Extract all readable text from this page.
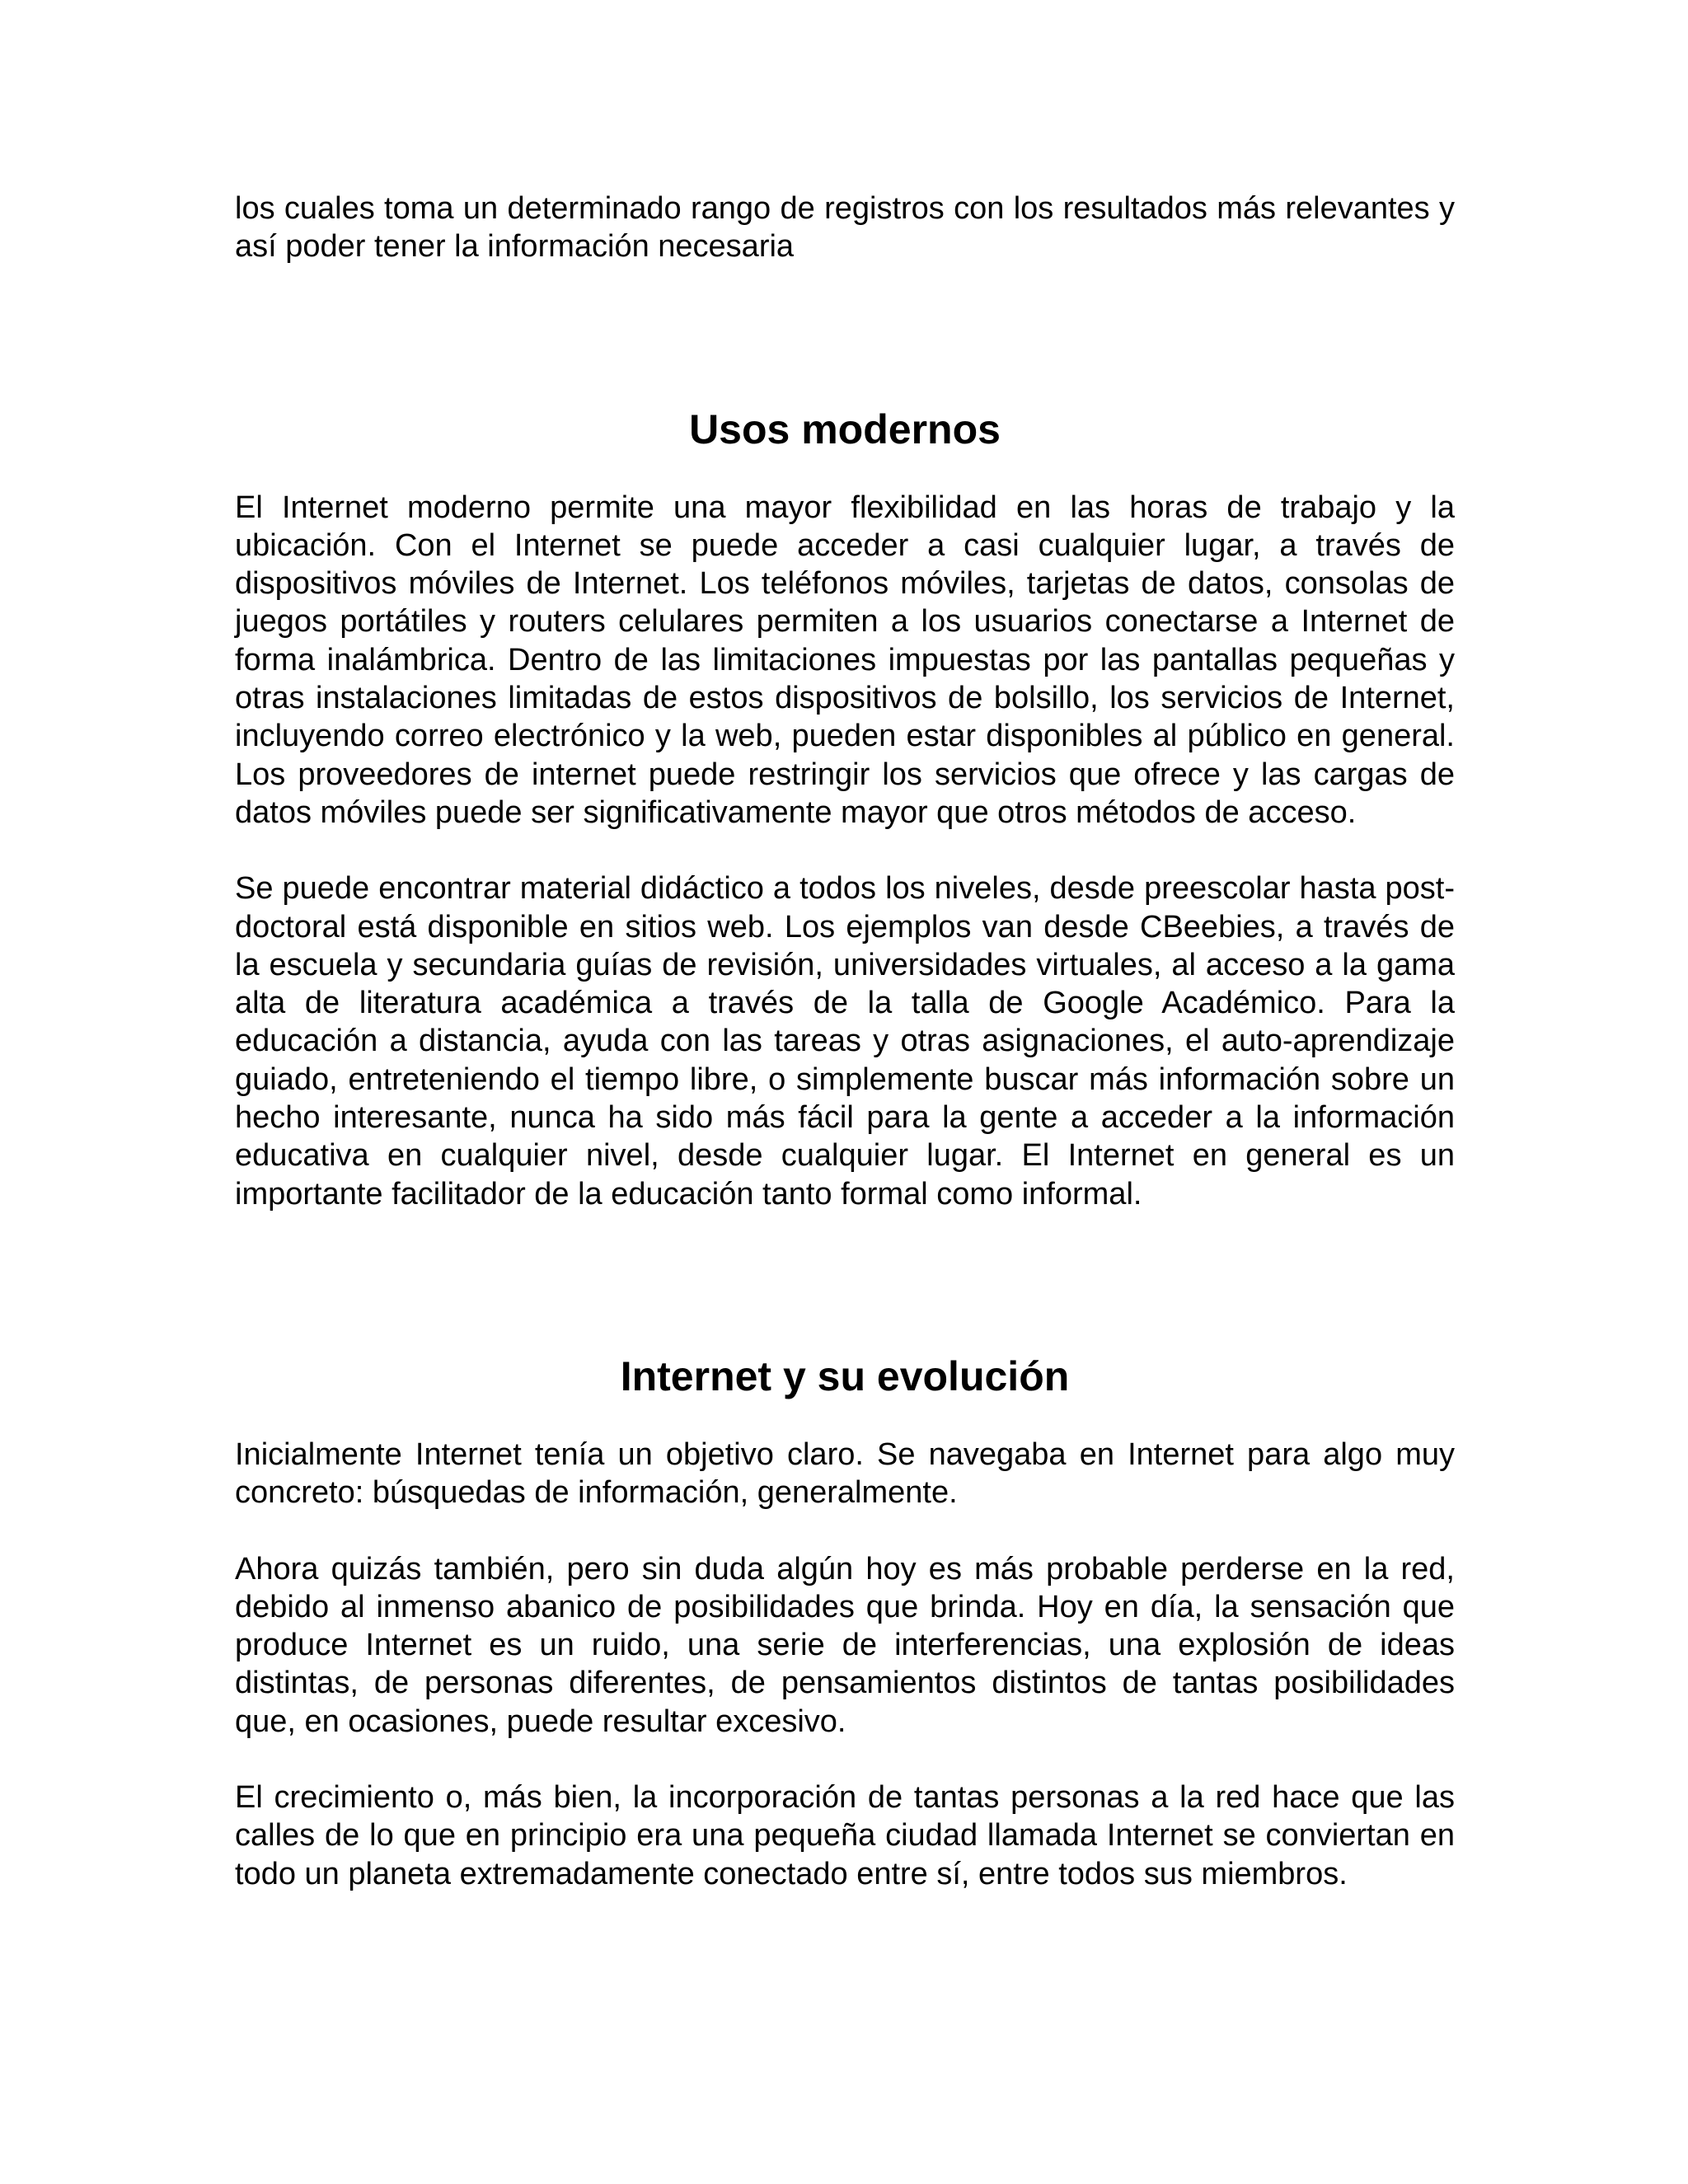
los cuales toma un determinado rango de registros con los resultados más relevantes y así poder tener la información necesaria

Usos modernos

El Internet moderno permite una mayor flexibilidad en las horas de trabajo y la ubicación. Con el Internet se puede acceder a casi cualquier lugar, a través de dispositivos móviles de Internet. Los teléfonos móviles, tarjetas de datos, consolas de juegos portátiles y routers celulares permiten a los usuarios conectarse a Internet de forma inalámbrica. Dentro de las limitaciones impuestas por las pantallas pequeñas y otras instalaciones limitadas de estos dispositivos de bolsillo, los servicios de Internet, incluyendo correo electrónico y la web, pueden estar disponibles al público en general. Los proveedores de internet puede restringir los servicios que ofrece y las cargas de datos móviles puede ser significativamente mayor que otros métodos de acceso.

Se puede encontrar material didáctico a todos los niveles, desde preescolar hasta post-doctoral está disponible en sitios web. Los ejemplos van desde CBeebies, a través de la escuela y secundaria guías de revisión, universidades virtuales, al acceso a la gama alta de literatura académica a través de la talla de Google Académico. Para la educación a distancia, ayuda con las tareas y otras asignaciones, el auto-aprendizaje guiado, entreteniendo el tiempo libre, o simplemente buscar más información sobre un hecho interesante, nunca ha sido más fácil para la gente a acceder a la información educativa en cualquier nivel, desde cualquier lugar. El Internet en general es un importante facilitador de la educación tanto formal como informal.

Internet y su evolución

Inicialmente Internet tenía un objetivo claro. Se navegaba en Internet para algo muy concreto: búsquedas de información, generalmente.

Ahora quizás también, pero sin duda algún hoy es más probable perderse en la red, debido al inmenso abanico de posibilidades que brinda. Hoy en día, la sensación que produce Internet es un ruido, una serie de interferencias, una explosión de ideas distintas, de personas diferentes, de pensamientos distintos de tantas posibilidades que, en ocasiones, puede resultar excesivo.

El crecimiento o, más bien, la incorporación de tantas personas a la red hace que las calles de lo que en principio era una pequeña ciudad llamada Internet se conviertan en todo un planeta extremadamente conectado entre sí, entre todos sus miembros.
